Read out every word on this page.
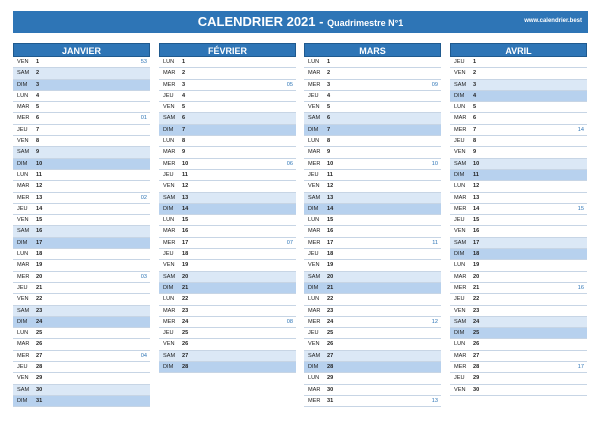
CALENDRIER 2021 - Quadrimestre N°1	www.calendrier.best
JANVIER
VEN 1	53
SAM 2
DIM 3
LUN 4
MAR 5
MER 6	01
JEU 7
VEN 8
SAM 9
DIM 10
LUN 11
MAR 12
MER 13	02
JEU 14
VEN 15
SAM 16
DIM 17
LUN 18
MAR 19
MER 20	03
JEU 21
VEN 22
SAM 23
DIM 24
LUN 25
MAR 26
MER 27	04
JEU 28
VEN 29
SAM 30
DIM 31
FÉVRIER
LUN 1
MAR 2
MER 3	05
JEU 4
VEN 5
SAM 6
DIM 7
LUN 8
MAR 9
MER 10	06
JEU 11
VEN 12
SAM 13
DIM 14
LUN 15
MAR 16
MER 17	07
JEU 18
VEN 19
SAM 20
DIM 21
LUN 22
MAR 23
MER 24	08
JEU 25
VEN 26
SAM 27
DIM 28
MARS
LUN 1
MAR 2
MER 3	09
JEU 4
VEN 5
SAM 6
DIM 7
LUN 8
MAR 9
MER 10	10
JEU 11
VEN 12
SAM 13
DIM 14
LUN 15
MAR 16
MER 17	11
JEU 18
VEN 19
SAM 20
DIM 21
LUN 22
MAR 23
MER 24	12
JEU 25
VEN 26
SAM 27
DIM 28
LUN 29
MAR 30
MER 31	13
AVRIL
JEU 1
VEN 2
SAM 3
DIM 4
LUN 5
MAR 6
MER 7	14
JEU 8
VEN 9
SAM 10
DIM 11
LUN 12
MAR 13
MER 14	15
JEU 15
VEN 16
SAM 17
DIM 18
LUN 19
MAR 20
MER 21	16
JEU 22
VEN 23
SAM 24
DIM 25
LUN 26
MAR 27
MER 28	17
JEU 29
VEN 30
